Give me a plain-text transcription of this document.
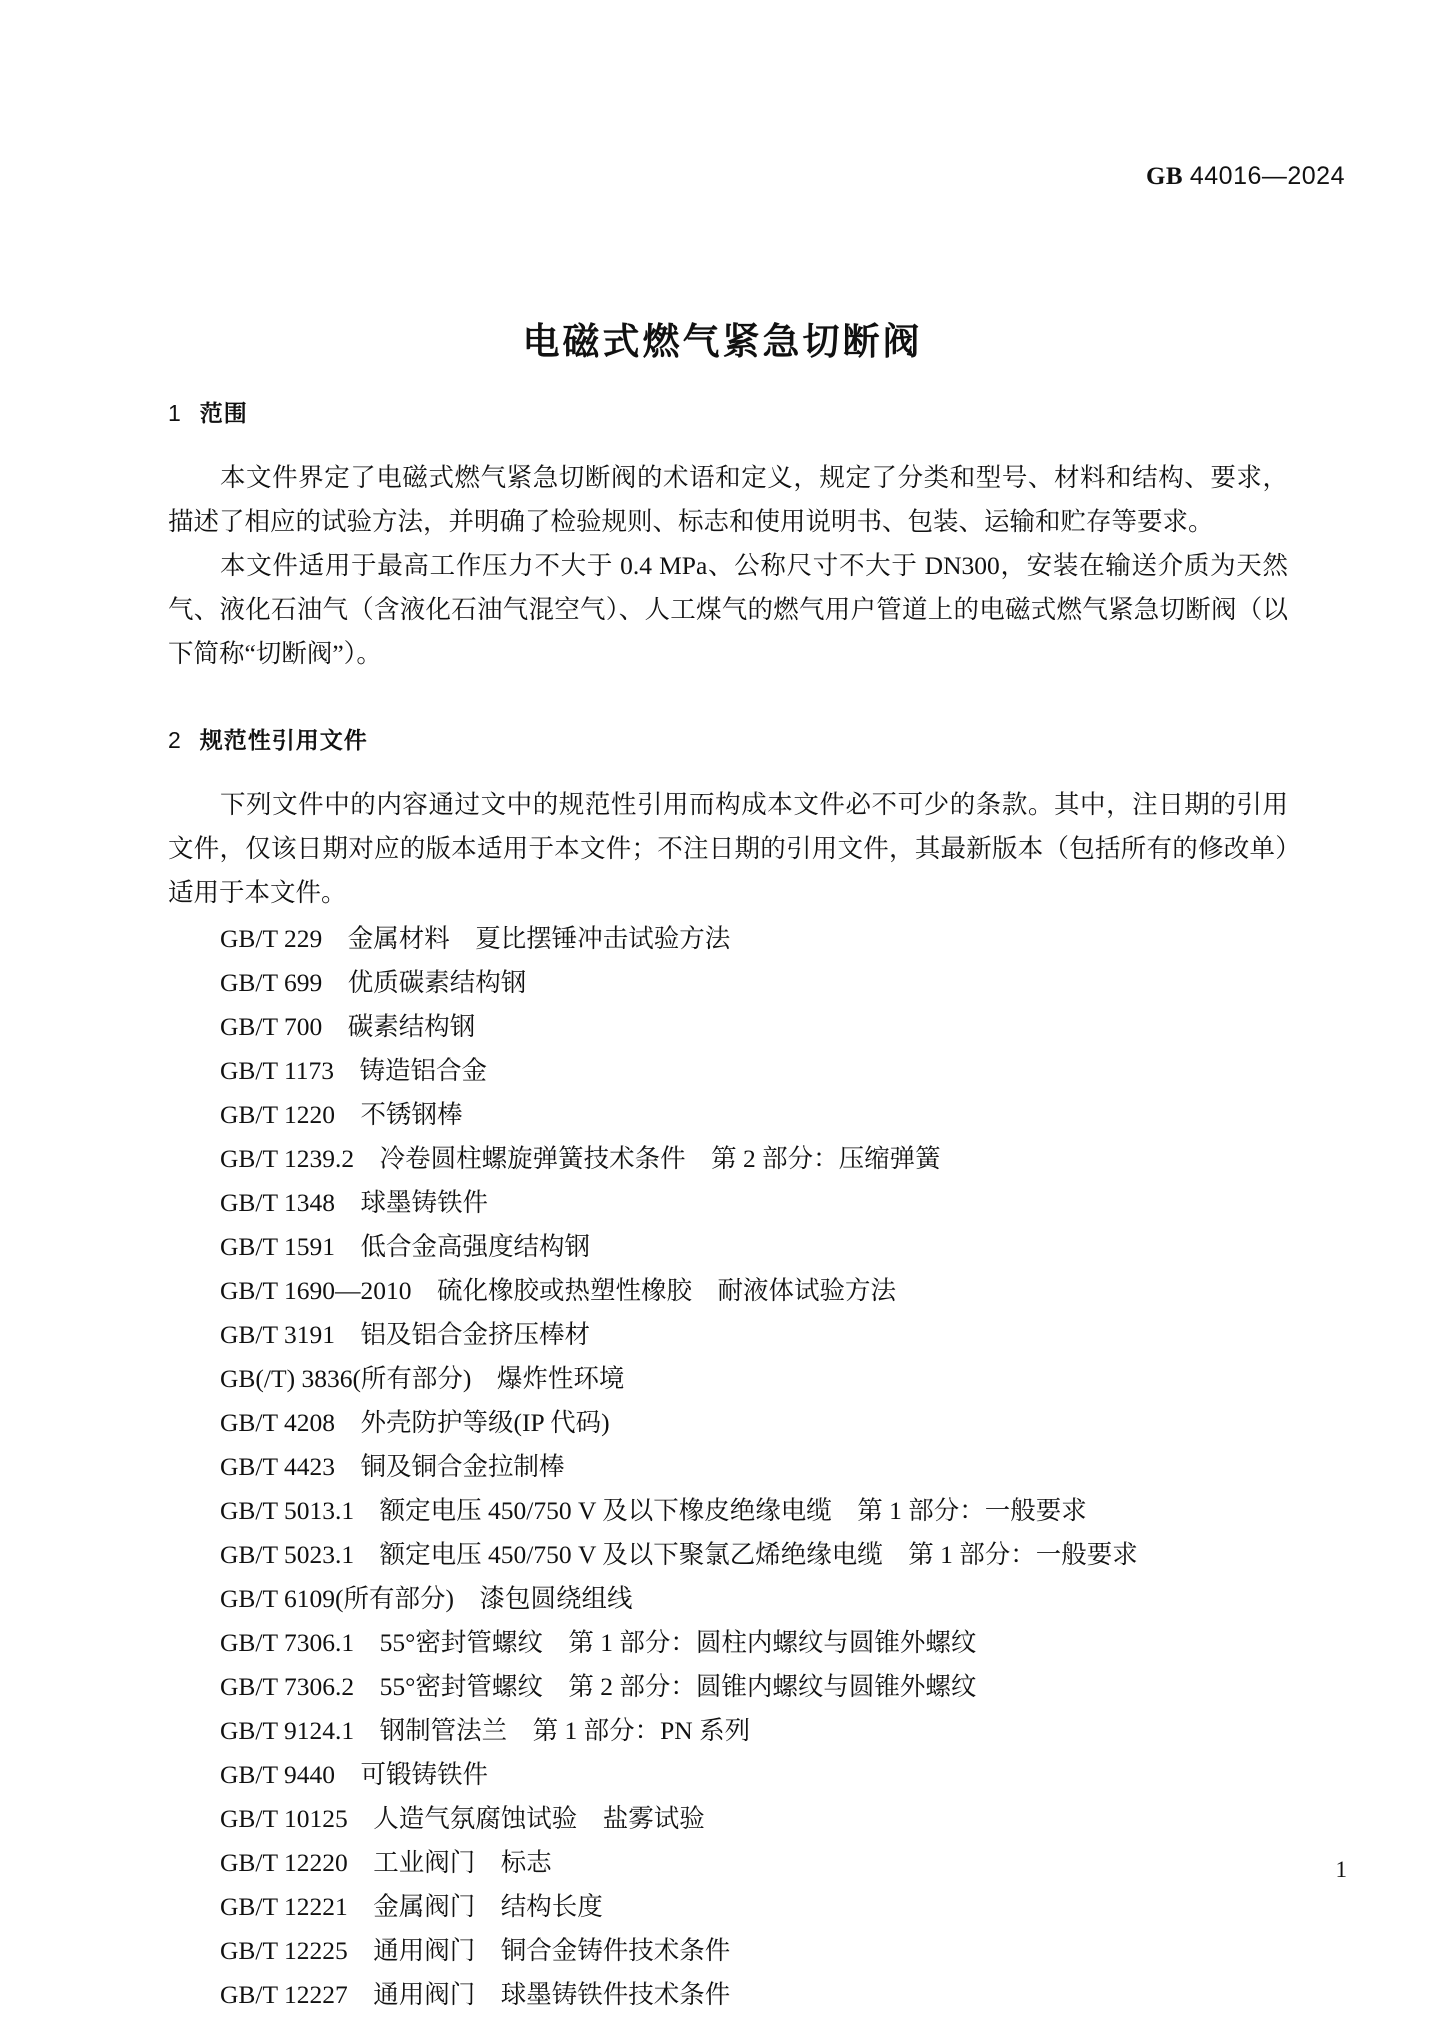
GB 44016—2024
电磁式燃气紧急切断阀
1 范围

本文件界定了电磁式燃气紧急切断阀的术语和定义，规定了分类和型号、材料和结构、要求，描述了相应的试验方法，并明确了检验规则、标志和使用说明书、包装、运输和贮存等要求。

本文件适用于最高工作压力不大于 0.4 MPa、公称尺寸不大于 DN300，安装在输送介质为天然气、液化石油气（含液化石油气混空气）、人工煤气的燃气用户管道上的电磁式燃气紧急切断阀（以下简称“切断阀”）。

2 规范性引用文件

下列文件中的内容通过文中的规范性引用而构成本文件必不可少的条款。其中，注日期的引用文件，仅该日期对应的版本适用于本文件；不注日期的引用文件，其最新版本（包括所有的修改单）适用于本文件。

GB/T 229　金属材料　夏比摆锤冲击试验方法
GB/T 699　优质碳素结构钢
GB/T 700　碳素结构钢
GB/T 1173　铸造铝合金
GB/T 1220　不锈钢棒
GB/T 1239.2　冷卷圆柱螺旋弹簧技术条件　第 2 部分：压缩弹簧
GB/T 1348　球墨铸铁件
GB/T 1591　低合金高强度结构钢
GB/T 1690—2010　硫化橡胶或热塑性橡胶　耐液体试验方法
GB/T 3191　铝及铝合金挤压棒材
GB(/T) 3836(所有部分)　爆炸性环境
GB/T 4208　外壳防护等级(IP 代码)
GB/T 4423　铜及铜合金拉制棒
GB/T 5013.1　额定电压 450/750 V 及以下橡皮绝缘电缆　第 1 部分：一般要求
GB/T 5023.1　额定电压 450/750 V 及以下聚氯乙烯绝缘电缆　第 1 部分：一般要求
GB/T 6109(所有部分)　漆包圆绕组线
GB/T 7306.1　55°密封管螺纹　第 1 部分：圆柱内螺纹与圆锥外螺纹
GB/T 7306.2　55°密封管螺纹　第 2 部分：圆锥内螺纹与圆锥外螺纹
GB/T 9124.1　钢制管法兰　第 1 部分：PN 系列
GB/T 9440　可锻铸铁件
GB/T 10125　人造气氛腐蚀试验　盐雾试验
GB/T 12220　工业阀门　标志
GB/T 12221　金属阀门　结构长度
GB/T 12225　通用阀门　铜合金铸件技术条件
GB/T 12227　通用阀门　球墨铸铁件技术条件
1
